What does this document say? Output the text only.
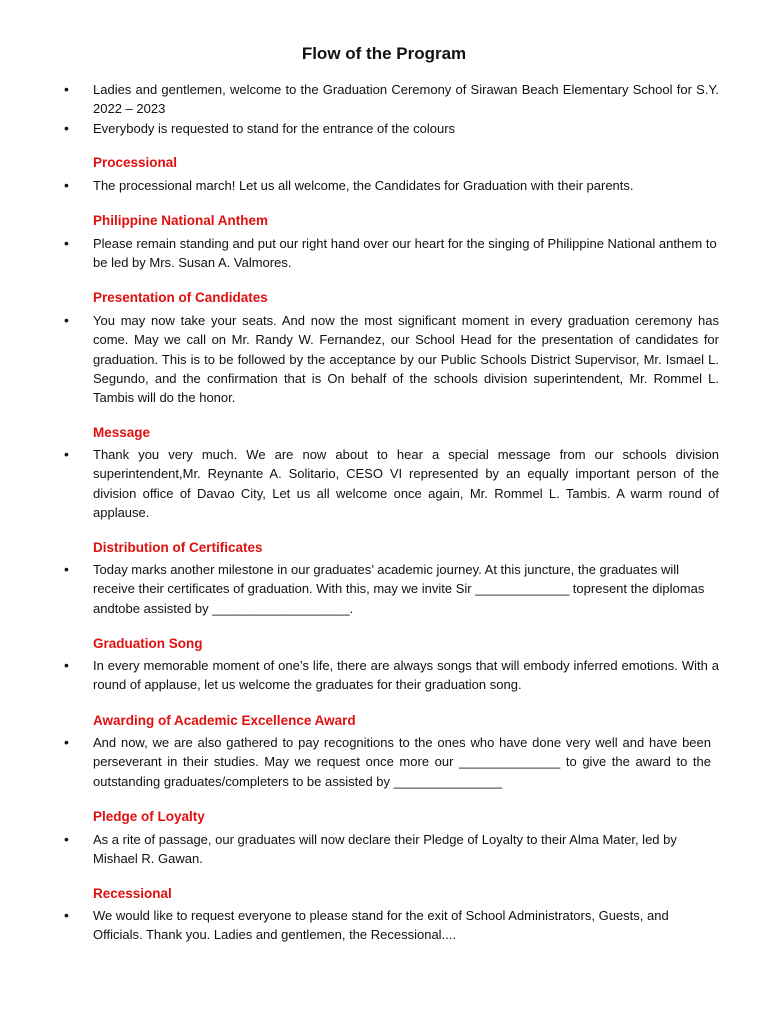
Flow of the Program
• Ladies and gentlemen, welcome to the Graduation Ceremony of Sirawan Beach Elementary School for S.Y. 2022 – 2023
• Everybody is requested to stand for the entrance of the colours
Processional
• The processional march! Let us all welcome, the Candidates for Graduation with their parents.
Philippine National Anthem
• Please remain standing and put our right hand over our heart for the singing of Philippine National anthem to be led by Mrs. Susan A. Valmores.
Presentation of Candidates
• You may now take your seats. And now the most significant moment in every graduation ceremony has come. May we call on Mr. Randy W. Fernandez, our School Head for the presentation of candidates for graduation. This is to be followed by the acceptance by our Public Schools District Supervisor, Mr. Ismael L. Segundo, and the confirmation that is On behalf of the schools division superintendent, Mr. Rommel L. Tambis will do the honor.
Message
• Thank you very much. We are now about to hear a special message from our schools division superintendent,Mr. Reynante A. Solitario, CESO VI represented by an equally important person of the division office of Davao City, Let us all welcome once again, Mr. Rommel L. Tambis. A warm round of applause.
Distribution of Certificates
• Today marks another milestone in our graduates’ academic journey. At this juncture, the graduates will receive their certificates of graduation. With this, may we invite Sir _____________ topresent the diplomas andtobe assisted by ___________________.
Graduation Song
• In every memorable moment of one’s life, there are always songs that will embody inferred emotions. With a round of applause, let us welcome the graduates for their graduation song.
Awarding of Academic Excellence Award
• And now, we are also gathered to pay recognitions to the ones who have done very well and have been perseverant in their studies. May we request once more our ______________ to give the award to the outstanding graduates/completers to be assisted by _______________
Pledge of Loyalty
• As a rite of passage, our graduates will now declare their Pledge of Loyalty to their Alma Mater, led by Mishael R. Gawan.
Recessional
• We would like to request everyone to please stand for the exit of School Administrators, Guests, and Officials. Thank you. Ladies and gentlemen, the Recessional....
